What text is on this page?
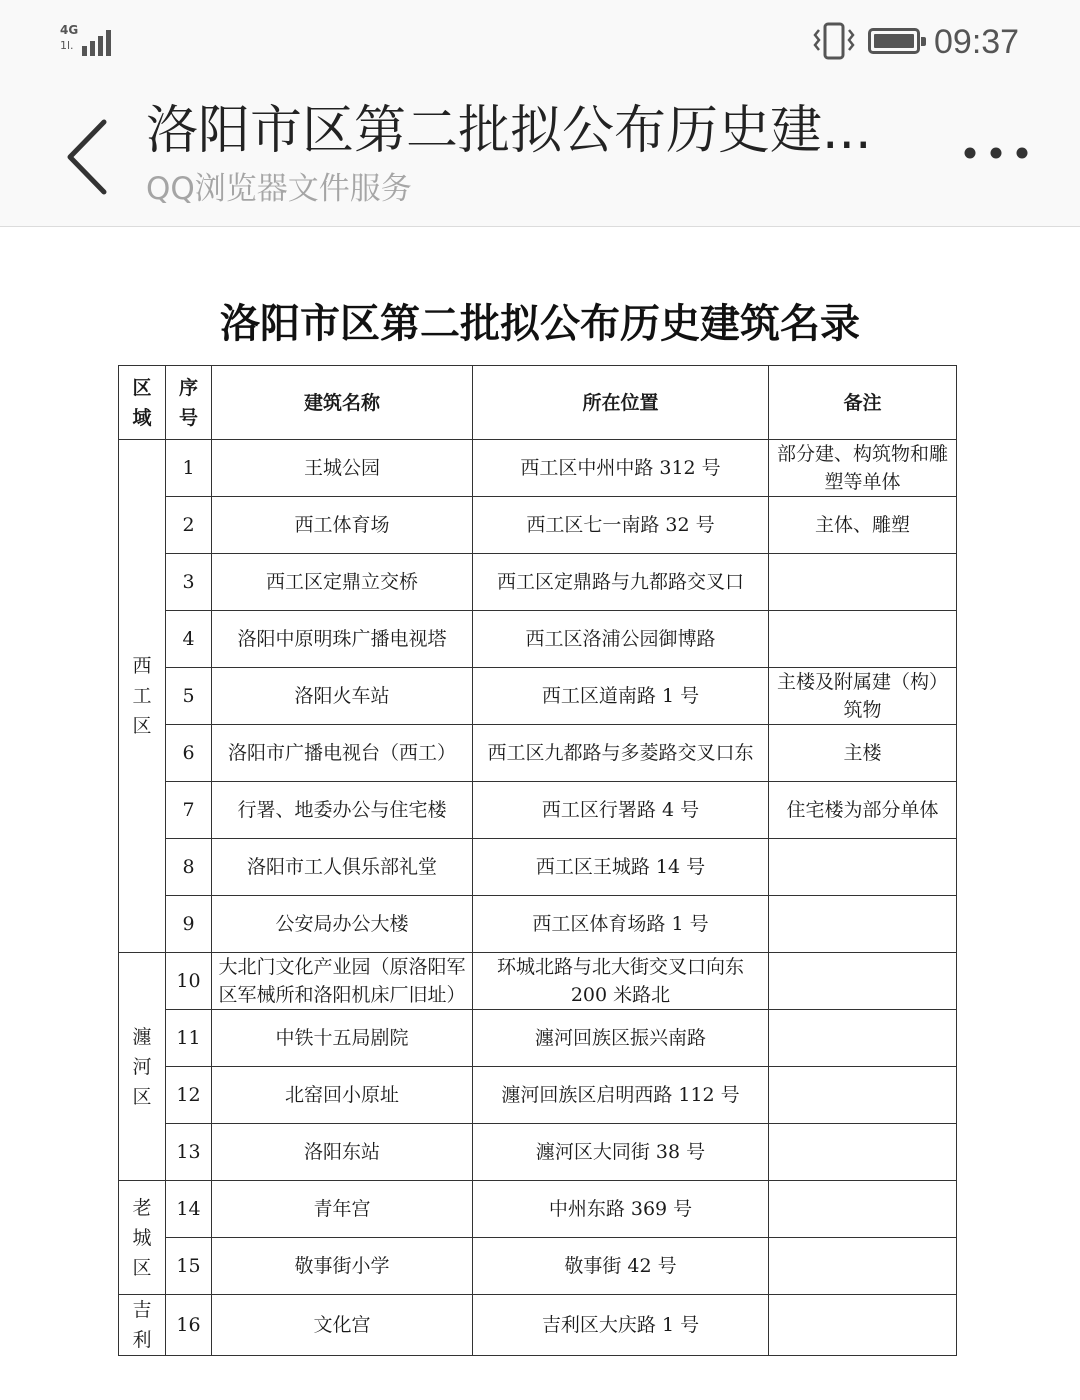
4G
1l.	09:37
洛阳市区第二批拟公布历史建...
QQ浏览器文件服务
洛阳市区第二批拟公布历史建筑名录
区域	序号	建筑名称	所在位置	备注
西工区	1	王城公园	西工区中州中路 312 号	部分建、构筑物和雕塑等单体
	2	西工体育场	西工区七一南路 32 号	主体、雕塑
	3	西工区定鼎立交桥	西工区定鼎路与九都路交叉口	
	4	洛阳中原明珠广播电视塔	西工区洛浦公园御博路	
	5	洛阳火车站	西工区道南路 1 号	主楼及附属建（构）筑物
	6	洛阳市广播电视台（西工）	西工区九都路与多菱路交叉口东	主楼
	7	行署、地委办公与住宅楼	西工区行署路 4 号	住宅楼为部分单体
	8	洛阳市工人俱乐部礼堂	西工区王城路 14 号	
	9	公安局办公大楼	西工区体育场路 1 号	
瀍河区	10	大北门文化产业园（原洛阳军区军械所和洛阳机床厂旧址）	环城北路与北大街交叉口向东 200 米路北	
	11	中铁十五局剧院	瀍河回族区振兴南路	
	12	北窑回小原址	瀍河回族区启明西路 112 号	
	13	洛阳东站	瀍河区大同街 38 号	
老城区	14	青年宫	中州东路 369 号	
	15	敬事街小学	敬事街 42 号	
吉利	16	文化宫	吉利区大庆路 1 号	
